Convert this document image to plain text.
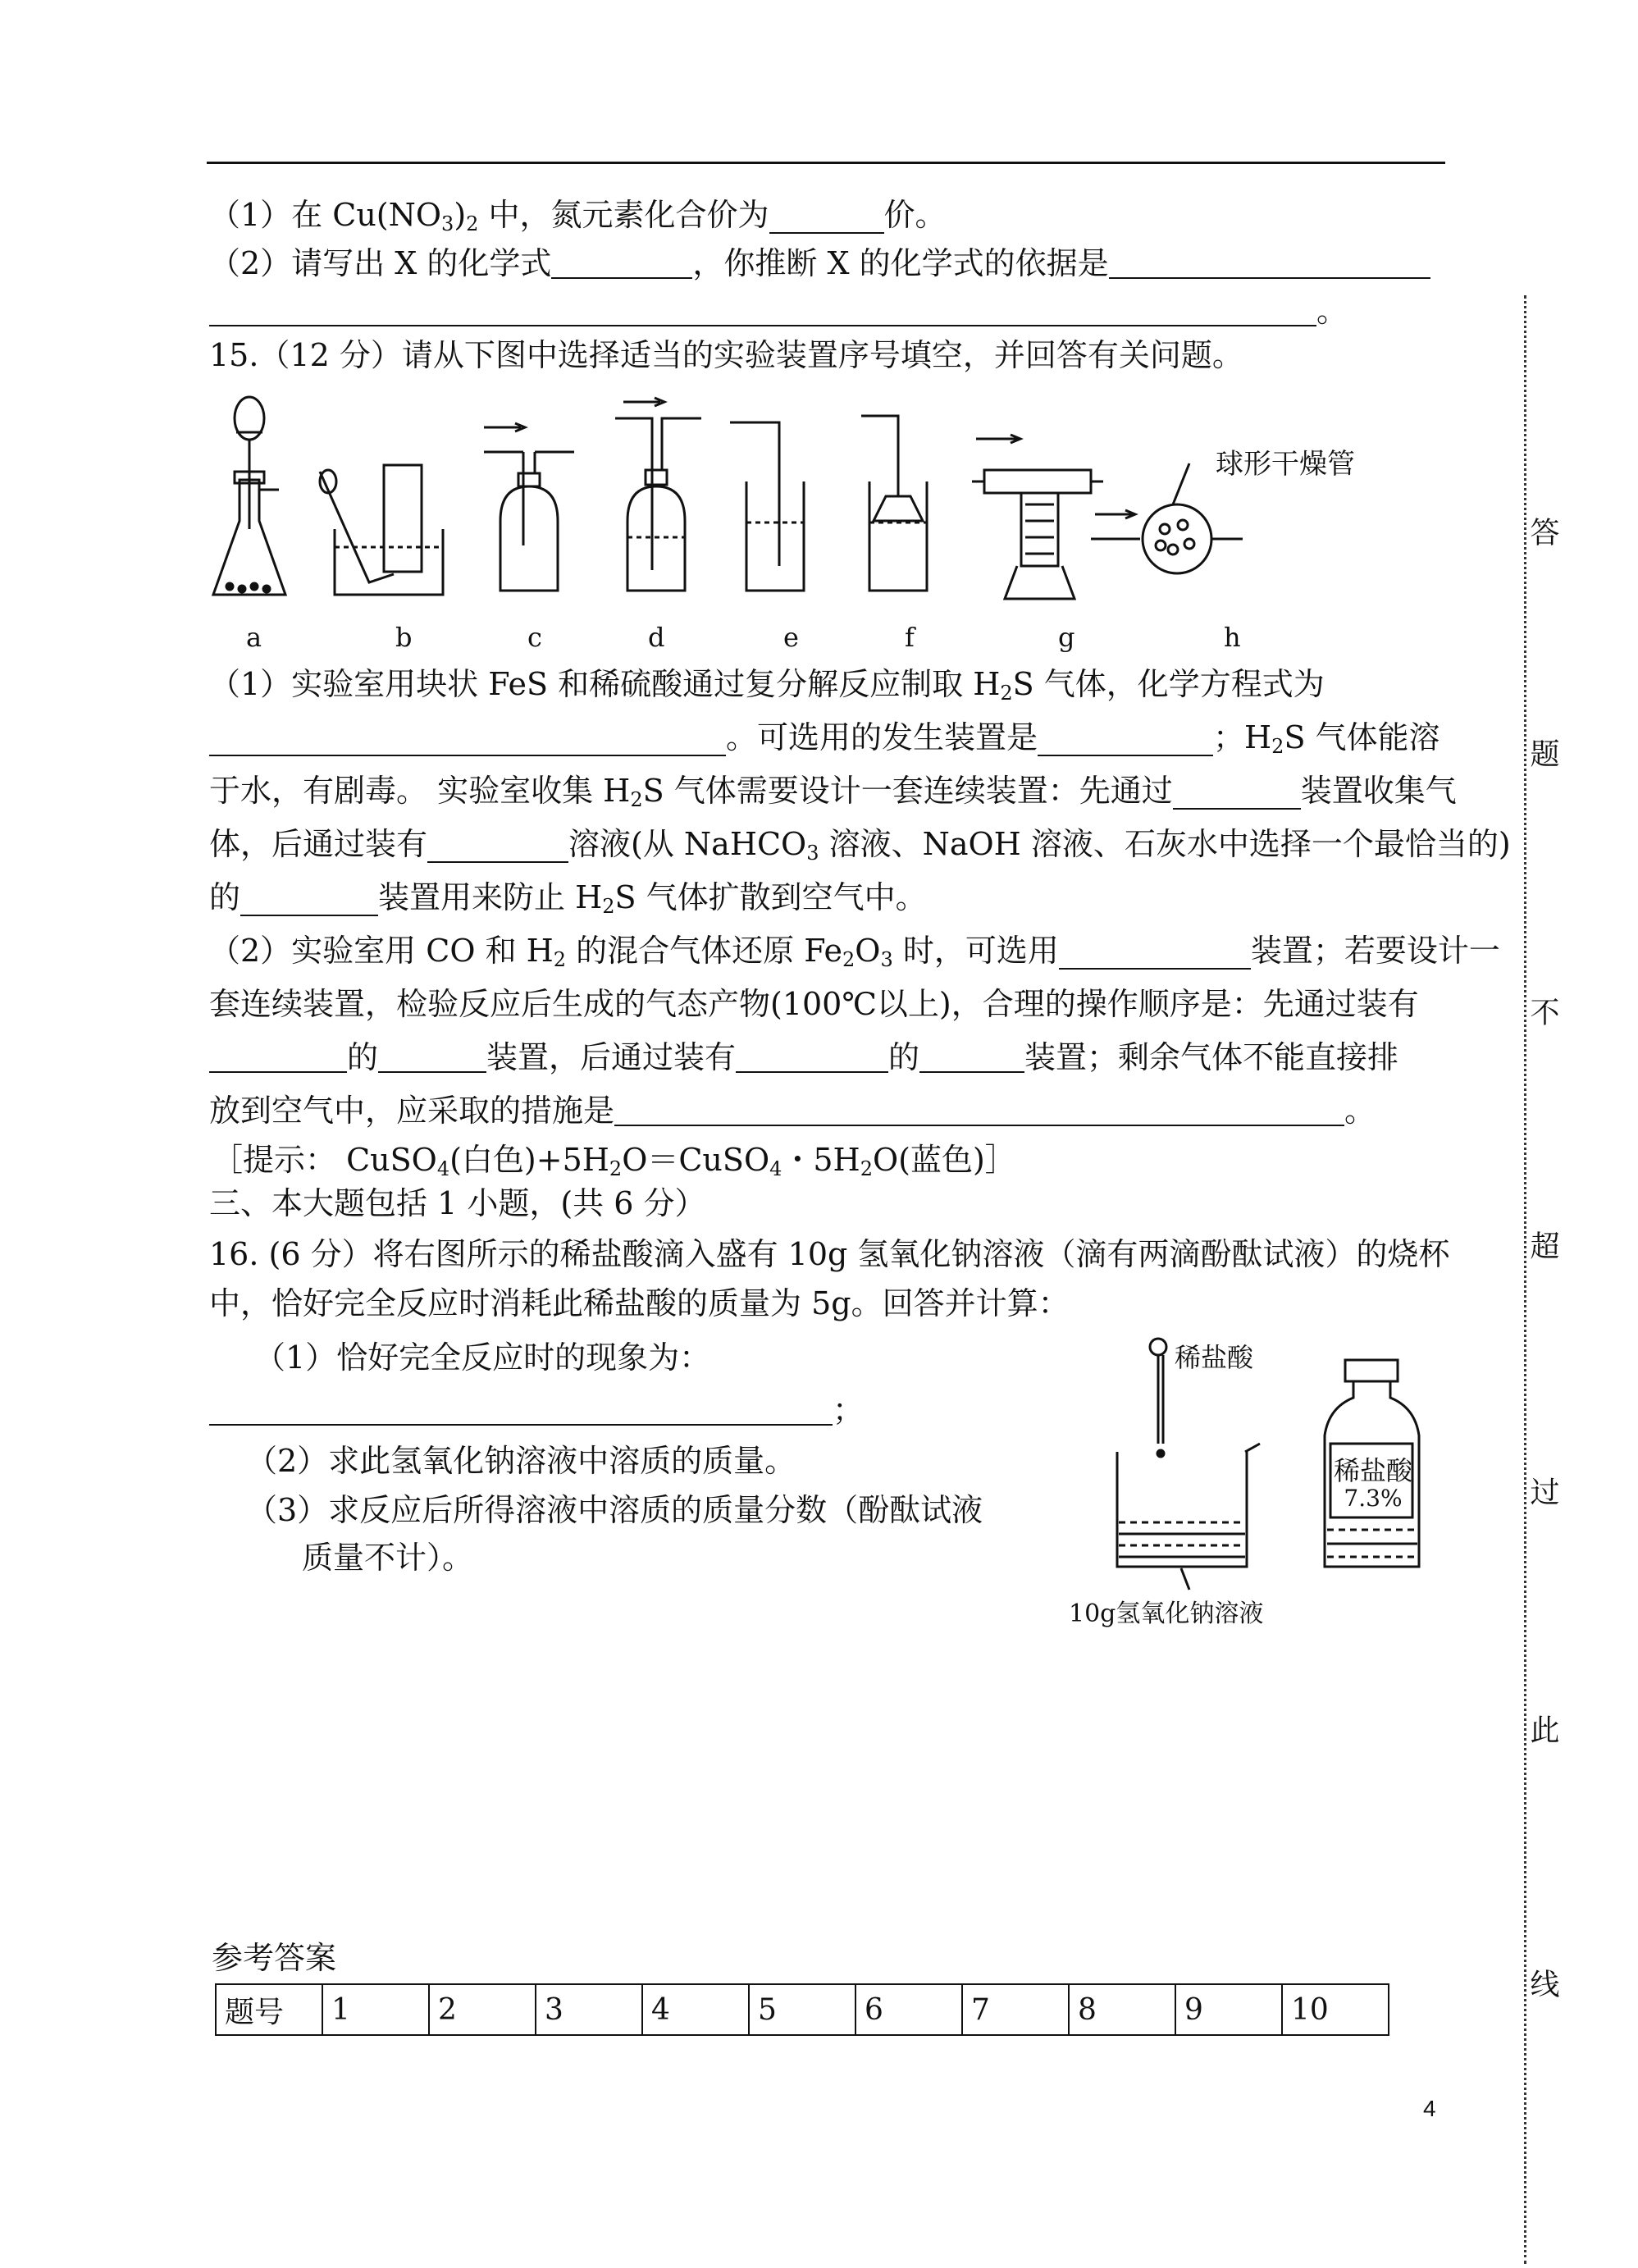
（1）在 $Cu(NO_3)_2$ 中，氮元素化合价为	价。
（2）请写出 X 的化学式	，你推断 X 的化学式的依据是
。
15.（12 分）请从下图中选择适当的实验装置序号填空，并回答有关问题。
球形干燥管
a	b	c	d	e	f	g	h
（1）实验室用块状 FeS 和稀硫酸通过复分解反应制取 $H_2S$ 气体，化学方程式为
。可选用的发生装置是	；$H_2S$ 气体能溶
于水，有剧毒。 实验室收集 $H_2S$ 气体需要设计一套连续装置：先通过	装置收集气
体，后通过装有	溶液(从 NaHCO$_3$ 溶液、NaOH 溶液、石灰水中选择一个最恰当的)
的	装置用来防止 $H_2S$ 气体扩散到空气中。
（2）实验室用 CO 和 $H_2$ 的混合气体还原 $Fe_2O_3$ 时，可选用	装置；若要设计一
套连续装置，检验反应后生成的气态产物(100℃以上)，合理的操作顺序是：先通过装有
的	装置，后通过装有	的	装置；剩余气体不能直接排
放到空气中，应采取的措施是	。
［提示： CuSO$_4$(白色)$+5H_2O=CuSO_4$・$5H_2O$(蓝色)］
三、本大题包括 1 小题，(共 6 分）
16. (6 分）将右图所示的稀盐酸滴入盛有 10g 氢氧化钠溶液（滴有两滴酚酞试液）的烧杯
中，恰好完全反应时消耗此稀盐酸的质量为 5g。回答并计算：
（1）恰好完全反应时的现象为：
；
（2）求此氢氧化钠溶液中溶质的质量。
（3）求反应后所得溶液中溶质的质量分数（酚酞试液
质量不计）。
稀盐酸
10g氢氧化钠溶液
稀盐酸
7.3%
参考答案
题号	1	2	3	4	5	6	7	8	9	10
答
题
不
超
过
此
线
4
